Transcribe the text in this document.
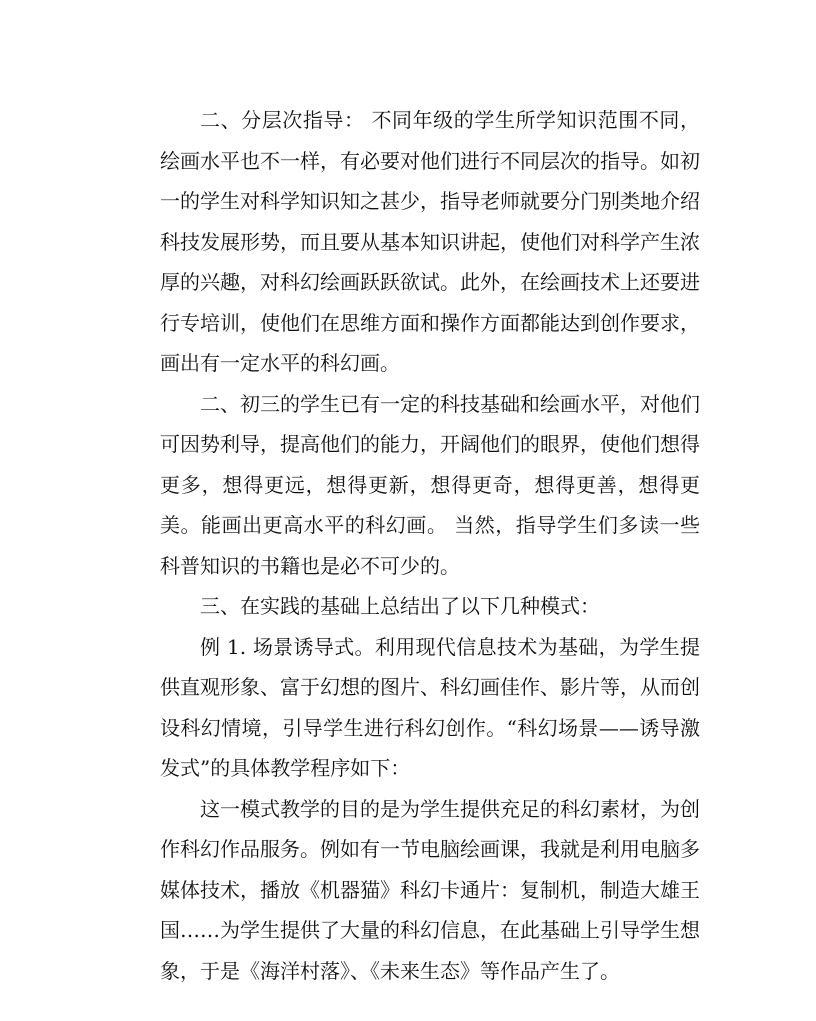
二、分层次指导： 不同年级的学生所学知识范围不同，绘画水平也不一样，有必要对他们进行不同层次的指导。如初一的学生对科学知识知之甚少，指导老师就要分门别类地介绍科技发展形势，而且要从基本知识讲起，使他们对科学产生浓厚的兴趣，对科幻绘画跃跃欲试。此外，在绘画技术上还要进行专培训，使他们在思维方面和操作方面都能达到创作要求，画出有一定水平的科幻画。

二、初三的学生已有一定的科技基础和绘画水平，对他们可因势利导，提高他们的能力，开阔他们的眼界，使他们想得更多，想得更远，想得更新，想得更奇，想得更善，想得更美。能画出更高水平的科幻画。 当然，指导学生们多读一些科普知识的书籍也是必不可少的。

三、在实践的基础上总结出了以下几种模式：

例 1. 场景诱导式。利用现代信息技术为基础，为学生提供直观形象、富于幻想的图片、科幻画佳作、影片等，从而创设科幻情境，引导学生进行科幻创作。“科幻场景——诱导激发式”的具体教学程序如下：

这一模式教学的目的是为学生提供充足的科幻素材，为创作科幻作品服务。例如有一节电脑绘画课，我就是利用电脑多媒体技术，播放《机器猫》科幻卡通片：复制机，制造大雄王国……为学生提供了大量的科幻信息，在此基础上引导学生想象，于是《海洋村落》、《未来生态》等作品产生了。
